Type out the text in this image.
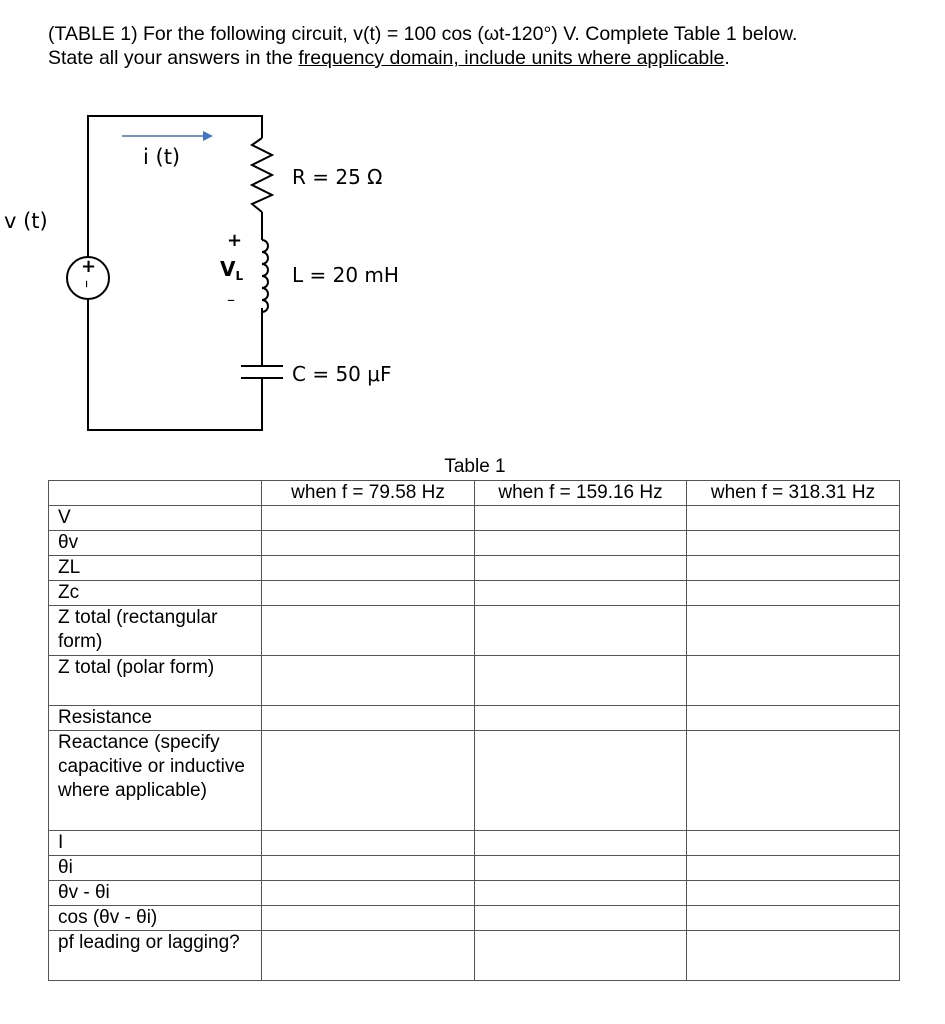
(TABLE 1) For the following circuit, v(t) = 100 cos (ωt-120°) V. Complete Table 1 below.
State all your answers in the frequency domain, include units where applicable.
i (t)
+
–
v (t)
R = 25 Ω
L = 20 mH
+
$V_L$
–
C = 50 μF
Table 1
	when f = 79.58 Hz	when f = 159.16 Hz	when f = 318.31 Hz
V			
θv			
ZL			
Zc			
Z total (rectangular form)			
Z total (polar form)			
Resistance			
Reactance (specify capacitive or inductive where applicable)			
I			
θi			
θv - θi			
cos (θv - θi)			
pf leading or lagging?			
